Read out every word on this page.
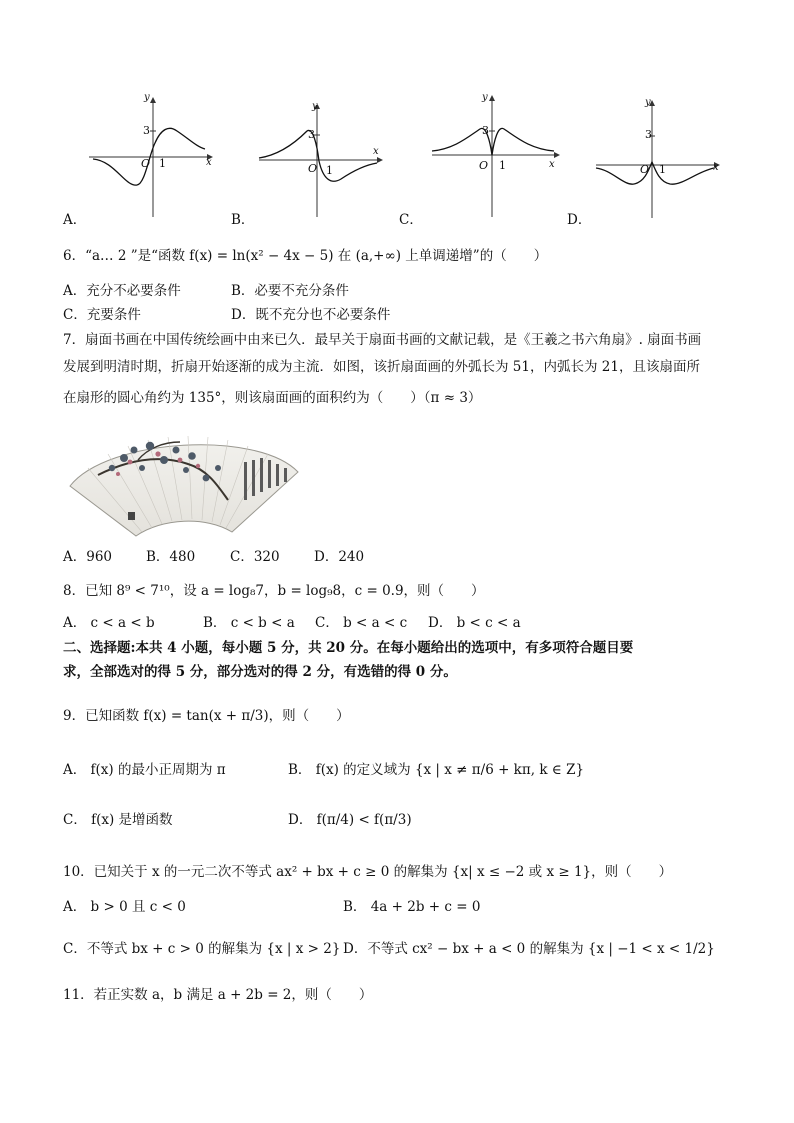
y
3
O 1	x
A．
y
3
O 1
x
B．
y
3
O 1	x
C．
y
3
O 1	x
D．
6．“a… 2 ”是“函数 f(x) = ln(x² − 4x − 5) 在 (a,+∞) 上单调递增”的（　　）
A．充分不必要条件	B．必要不充分条件
C．充要条件	D．既不充分也不必要条件
7．扇面书画在中国传统绘画中由来已久．最早关于扇面书画的文献记载，是《王羲之书六角扇》. 扇面书画
发展到明清时期，折扇开始逐渐的成为主流．如图，该折扇面画的外弧长为 51，内弧长为 21，且该扇面所
在扇形的圆心角约为 135°，则该扇面画的面积约为（　　）（π ≈ 3）
A．960	B．480	C．320	D．240
8．已知 8⁹ < 7¹⁰，设 a = log₈7，b = log₉8，c = 0.9，则（　　）
A． c < a < b	B． c < b < a C． b < a < c D． b < c < a
二、选择题:本共 4 小题，每小题 5 分，共 20 分。在每小题给出的选项中，有多项符合题目要
求，全部选对的得 5 分，部分选对的得 2 分，有选错的得 0 分。
9．已知函数 f(x) = tan(x + π/3)，则（　　）
A． f(x) 的最小正周期为 π	B． f(x) 的定义域为 {x | x ≠ π/6 + kπ, k ∈ Z}
C． f(x) 是增函数	D． f(π/4) < f(π/3)
10．已知关于 x 的一元二次不等式 ax² + bx + c ≥ 0 的解集为 {x| x ≤ −2 或 x ≥ 1}，则（　　）
A． b > 0 且 c < 0	B． 4a + 2b + c = 0
C．不等式 bx + c > 0 的解集为 {x | x > 2} D．不等式 cx² − bx + a < 0 的解集为 {x | −1 < x < 1/2}
11．若正实数 a，b 满足 a + 2b = 2，则（　　）
